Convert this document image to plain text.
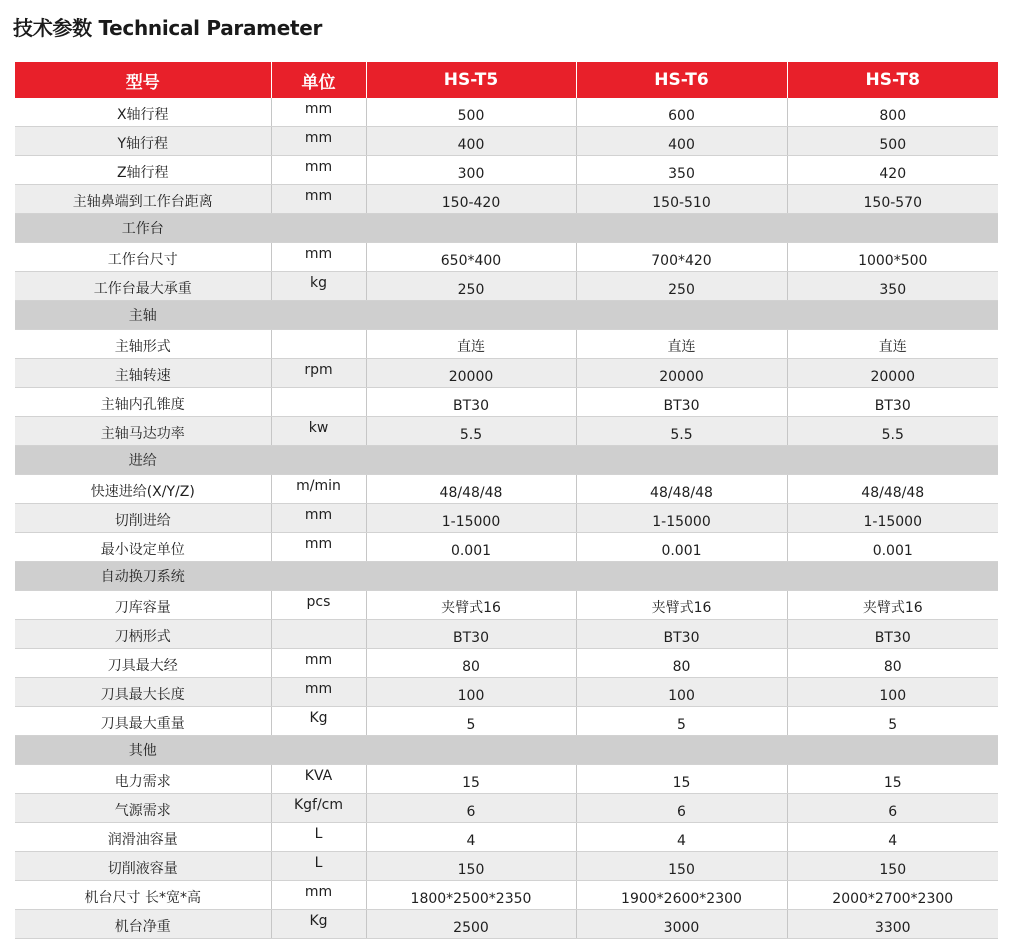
技术参数 Technical Parameter
型号	单位	HS-T5	HS-T6	HS-T8
X轴行程	mm	500	600	800
Y轴行程	mm	400	400	500
Z轴行程	mm	300	350	420
主轴鼻端到工作台距离	mm	150-420	150-510	150-570
工作台				
工作台尺寸	mm	650*400	700*420	1000*500
工作台最大承重	kg	250	250	350
主轴				
主轴形式		直连	直连	直连
主轴转速	rpm	20000	20000	20000
主轴内孔锥度		BT30	BT30	BT30
主轴马达功率	kw	5.5	5.5	5.5
进给				
快速进给(X/Y/Z)	m/min	48/48/48	48/48/48	48/48/48
切削进给	mm	1-15000	1-15000	1-15000
最小设定单位	mm	0.001	0.001	0.001
自动换刀系统				
刀库容量	pcs	夹臂式16	夹臂式16	夹臂式16
刀柄形式		BT30	BT30	BT30
刀具最大经	mm	80	80	80
刀具最大长度	mm	100	100	100
刀具最大重量	Kg	5	5	5
其他				
电力需求	KVA	15	15	15
气源需求	Kgf/cm	6	6	6
润滑油容量	L	4	4	4
切削液容量	L	150	150	150
机台尺寸 长*宽*高	mm	1800*2500*2350	1900*2600*2300	2000*2700*2300
机台净重	Kg	2500	3000	3300
